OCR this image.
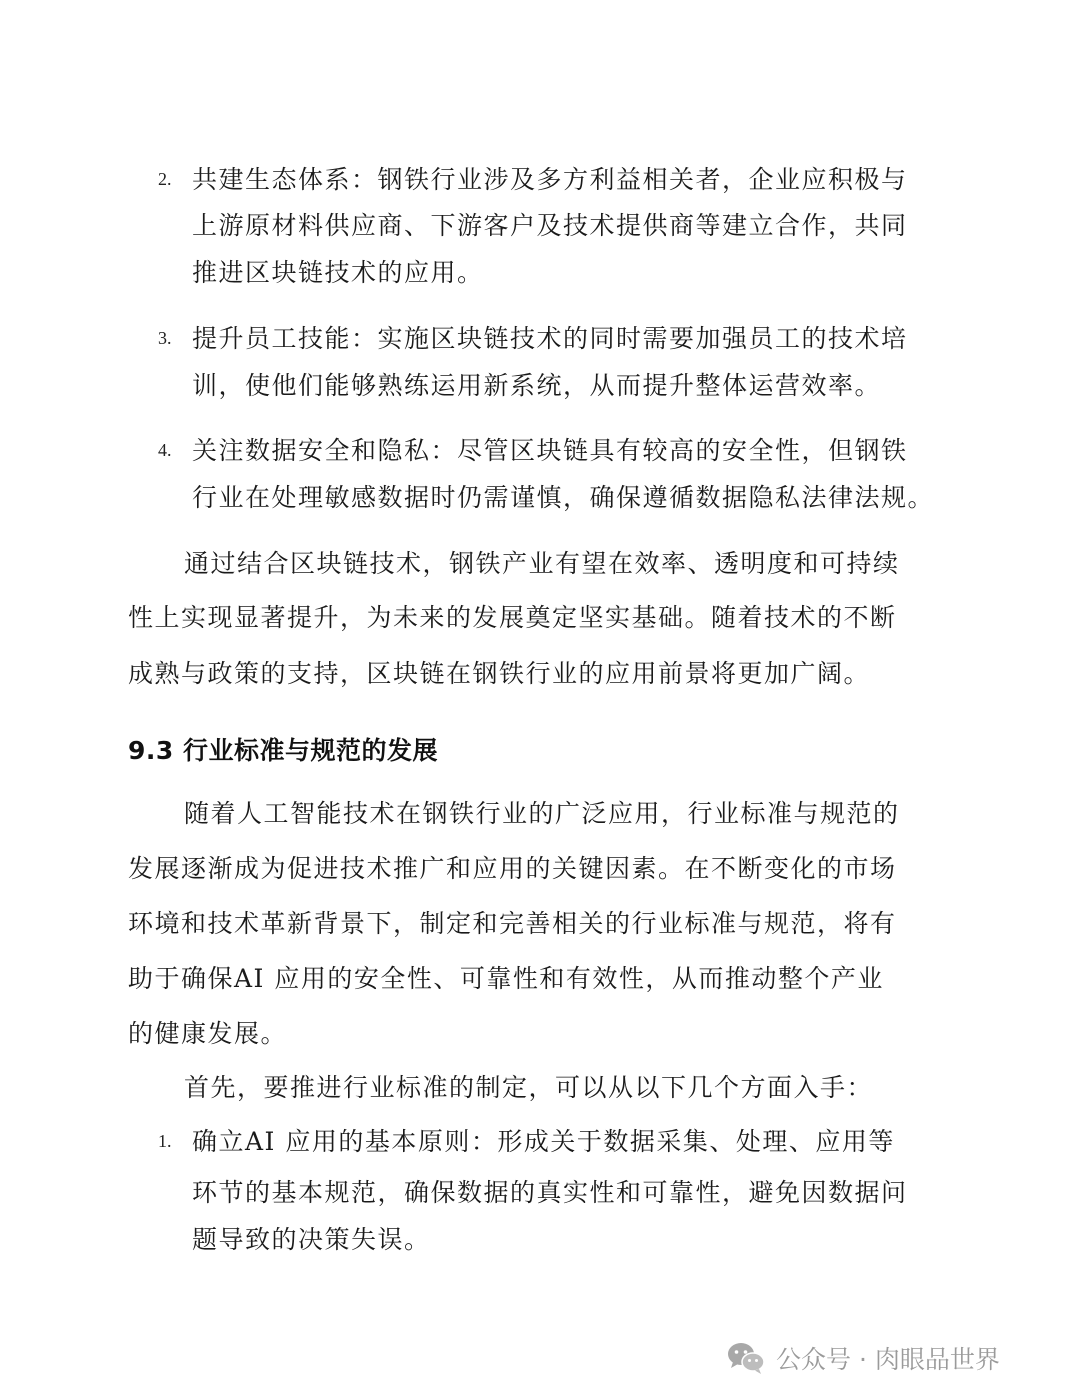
2. 共建生态体系：钢铁行业涉及多方利益相关者，企业应积极与
上游原材料供应商、下游客户及技术提供商等建立合作，共同
推进区块链技术的应用。
3. 提升员工技能：实施区块链技术的同时需要加强员工的技术培
训，使他们能够熟练运用新系统，从而提升整体运营效率。
4. 关注数据安全和隐私：尽管区块链具有较高的安全性，但钢铁
行业在处理敏感数据时仍需谨慎，确保遵循数据隐私法律法规。
通过结合区块链技术，钢铁产业有望在效率、透明度和可持续
性上实现显著提升，为未来的发展奠定坚实基础。随着技术的不断
成熟与政策的支持，区块链在钢铁行业的应用前景将更加广阔。
9.3 行业标准与规范的发展
随着人工智能技术在钢铁行业的广泛应用，行业标准与规范的
发展逐渐成为促进技术推广和应用的关键因素。在不断变化的市场
环境和技术革新背景下，制定和完善相关的行业标准与规范，将有
助于确保AI 应用的安全性、可靠性和有效性，从而推动整个产业
的健康发展。
首先，要推进行业标准的制定，可以从以下几个方面入手：
1. 确立AI 应用的基本原则：形成关于数据采集、处理、应用等
环节的基本规范，确保数据的真实性和可靠性，避免因数据问
题导致的决策失误。
公众号 · 肉眼品世界
